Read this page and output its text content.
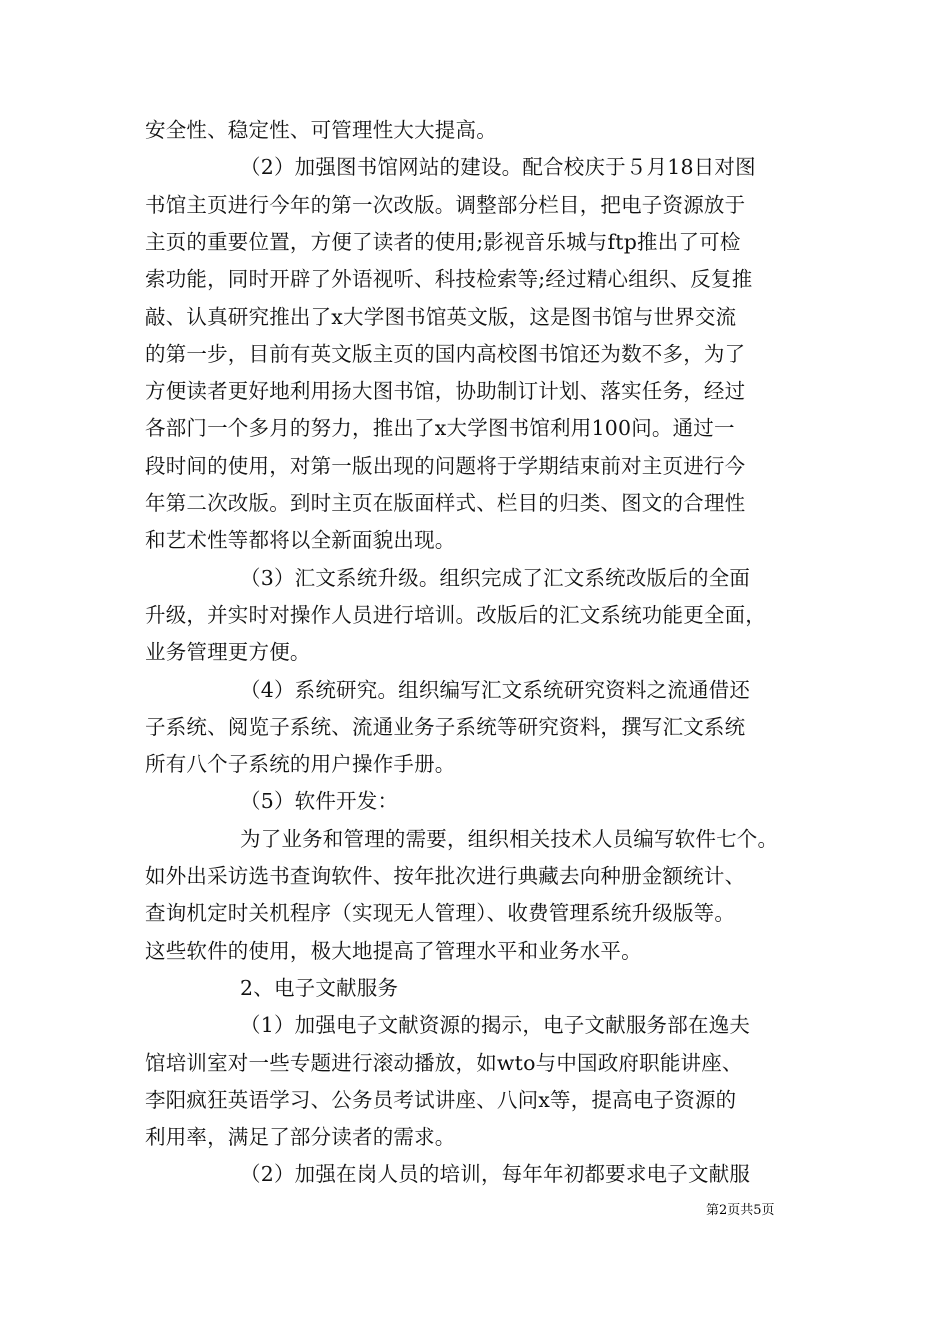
安全性、稳定性、可管理性大大提高。
（2）加强图书馆网站的建设。配合校庆于５月18日对图
书馆主页进行今年的第一次改版。调整部分栏目，把电子资源放于
主页的重要位置，方便了读者的使用;影视音乐城与ftp推出了可检
索功能，同时开辟了外语视听、科技检索等;经过精心组织、反复推
敲、认真研究推出了x大学图书馆英文版，这是图书馆与世界交流
的第一步，目前有英文版主页的国内高校图书馆还为数不多，为了
方便读者更好地利用扬大图书馆，协助制订计划、落实任务，经过
各部门一个多月的努力，推出了x大学图书馆利用100问。通过一
段时间的使用，对第一版出现的问题将于学期结束前对主页进行今
年第二次改版。到时主页在版面样式、栏目的归类、图文的合理性
和艺术性等都将以全新面貌出现。
（3）汇文系统升级。组织完成了汇文系统改版后的全面
升级，并实时对操作人员进行培训。改版后的汇文系统功能更全面，
业务管理更方便。
（4）系统研究。组织编写汇文系统研究资料之流通借还
子系统、阅览子系统、流通业务子系统等研究资料，撰写汇文系统
所有八个子系统的用户操作手册。
（5）软件开发：
为了业务和管理的需要，组织相关技术人员编写软件七个。
如外出采访选书查询软件、按年批次进行典藏去向种册金额统计、
查询机定时关机程序（实现无人管理）、收费管理系统升级版等。
这些软件的使用，极大地提高了管理水平和业务水平。
2、电子文献服务
（1）加强电子文献资源的揭示，电子文献服务部在逸夫
馆培训室对一些专题进行滚动播放，如wto与中国政府职能讲座、
李阳疯狂英语学习、公务员考试讲座、八问x等，提高电子资源的
利用率，满足了部分读者的需求。
（2）加强在岗人员的培训，每年年初都要求电子文献服
第2页共5页
